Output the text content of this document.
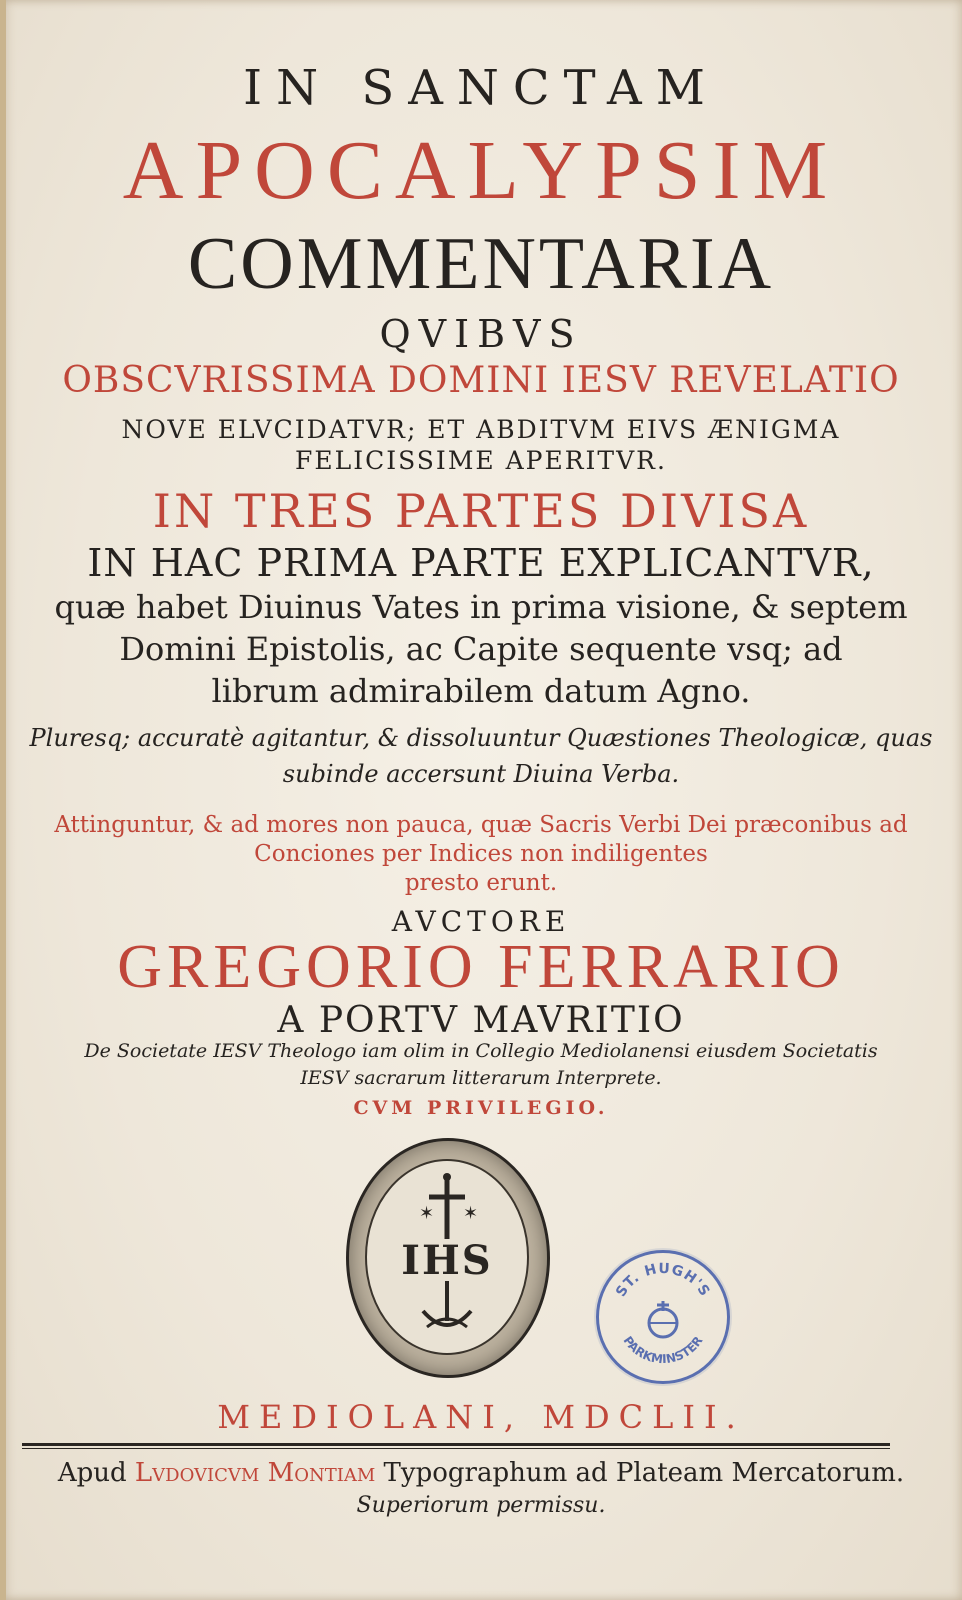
IN SANCTAM
APOCALYPSIM
COMMENTARIA
QVIBVS
OBSCVRISSIMA DOMINI IESV REVELATIO
NOVE ELVCIDATVR; ET ABDITVM EIVS ÆNIGMA
FELICISSIME APERITVR.
IN TRES PARTES DIVISA
IN HAC PRIMA PARTE EXPLICANTVR,
quæ habet Diuinus Vates in prima visione, & septem
Domini Epistolis, ac Capite sequente vsq; ad
librum admirabilem datum Agno.
Pluresq; accuratè agitantur, & dissoluuntur Quæstiones Theologicæ, quas
subinde accersunt Diuina Verba.
Attinguntur, & ad mores non pauca, quæ Sacris Verbi Dei præconibus ad
Conciones per Indices non indiligentes
presto erunt.
AVCTORE
GREGORIO FERRARIO
A PORTV MAVRITIO
De Societate IESV Theologo iam olim in Collegio Mediolanensi eiusdem Societatis
IESV sacrarum litterarum Interprete.
CVM PRIVILEGIO.
✶ ✶
IHS
ST. HUGH'S
PARKMINSTER
MEDIOLANI, MDCLII.
Apud Lvdovicvm Montiam Typographum ad Plateam Mercatorum.
Superiorum permissu.
